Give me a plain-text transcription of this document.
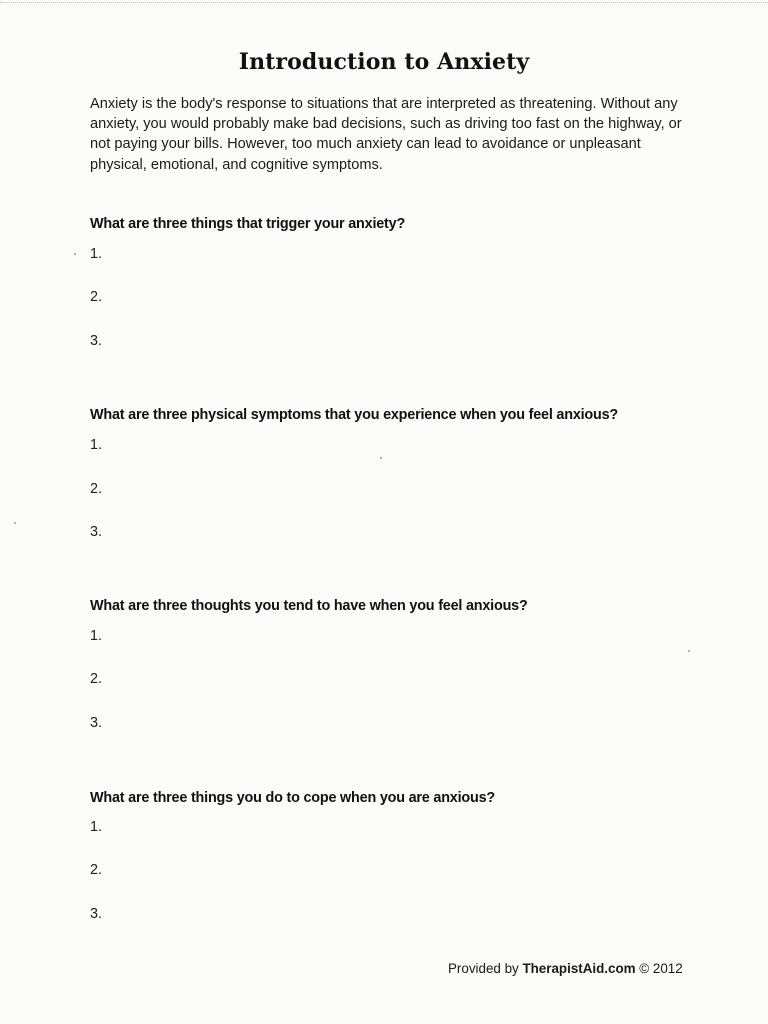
Introduction to Anxiety
Anxiety is the body's response to situations that are interpreted as threatening. Without any anxiety, you would probably make bad decisions, such as driving too fast on the highway, or not paying your bills. However, too much anxiety can lead to avoidance or unpleasant physical, emotional, and cognitive symptoms.
What are three things that trigger your anxiety?
1.
2.
3.
What are three physical symptoms that you experience when you feel anxious?
1.
2.
3.
What are three thoughts you tend to have when you feel anxious?
1.
2.
3.
What are three things you do to cope when you are anxious?
1.
2.
3.
Provided by TherapistAid.com © 2012
